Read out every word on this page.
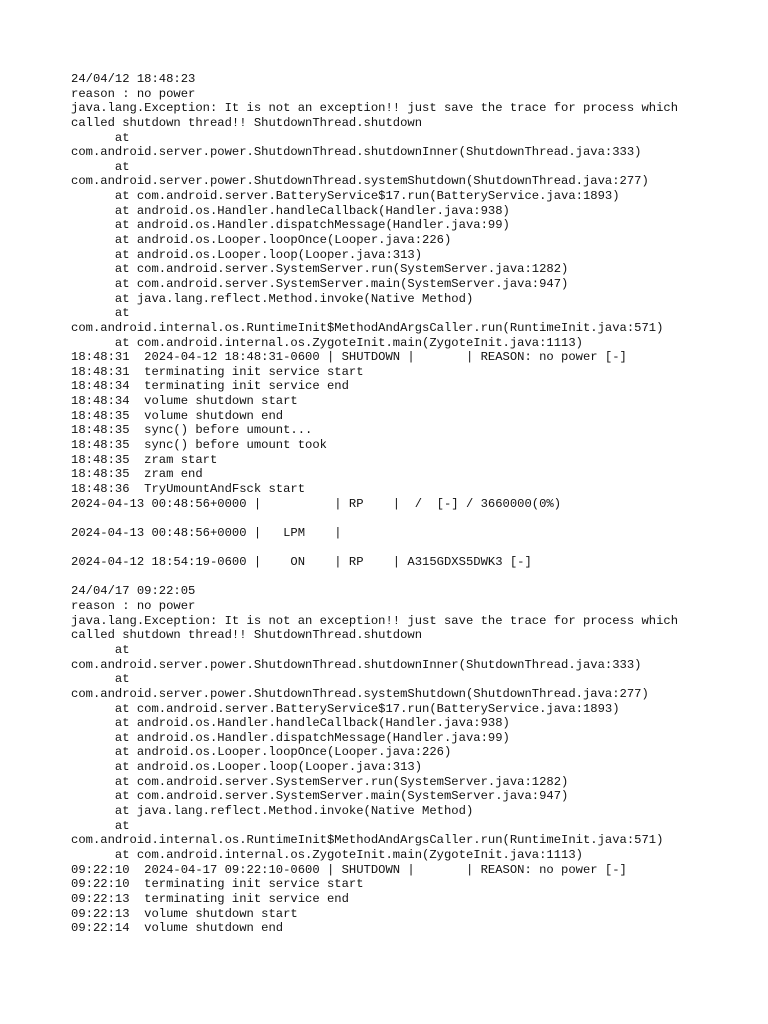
24/04/12 18:48:23
reason : no power
java.lang.Exception: It is not an exception!! just save the trace for process which
called shutdown thread!! ShutdownThread.shutdown
at
com.android.server.power.ShutdownThread.shutdownInner(ShutdownThread.java:333)
at
com.android.server.power.ShutdownThread.systemShutdown(ShutdownThread.java:277)
at com.android.server.BatteryService$17.run(BatteryService.java:1893)
at android.os.Handler.handleCallback(Handler.java:938)
at android.os.Handler.dispatchMessage(Handler.java:99)
at android.os.Looper.loopOnce(Looper.java:226)
at android.os.Looper.loop(Looper.java:313)
at com.android.server.SystemServer.run(SystemServer.java:1282)
at com.android.server.SystemServer.main(SystemServer.java:947)
at java.lang.reflect.Method.invoke(Native Method)
at
com.android.internal.os.RuntimeInit$MethodAndArgsCaller.run(RuntimeInit.java:571)
at com.android.internal.os.ZygoteInit.main(ZygoteInit.java:1113)
18:48:31  2024-04-12 18:48:31-0600 | SHUTDOWN |       | REASON: no power [-]
18:48:31  terminating init service start
18:48:34  terminating init service end
18:48:34  volume shutdown start
18:48:35  volume shutdown end
18:48:35  sync() before umount...
18:48:35  sync() before umount took
18:48:35  zram start
18:48:35  zram end
18:48:36  TryUmountAndFsck start
2024-04-13 00:48:56+0000 |          | RP    |  /  [-] / 3660000(0%)
2024-04-13 00:48:56+0000 |   LPM    |
2024-04-12 18:54:19-0600 |    ON    | RP    | A315GDXS5DWK3 [-]
24/04/17 09:22:05
reason : no power
java.lang.Exception: It is not an exception!! just save the trace for process which
called shutdown thread!! ShutdownThread.shutdown
at
com.android.server.power.ShutdownThread.shutdownInner(ShutdownThread.java:333)
at
com.android.server.power.ShutdownThread.systemShutdown(ShutdownThread.java:277)
at com.android.server.BatteryService$17.run(BatteryService.java:1893)
at android.os.Handler.handleCallback(Handler.java:938)
at android.os.Handler.dispatchMessage(Handler.java:99)
at android.os.Looper.loopOnce(Looper.java:226)
at android.os.Looper.loop(Looper.java:313)
at com.android.server.SystemServer.run(SystemServer.java:1282)
at com.android.server.SystemServer.main(SystemServer.java:947)
at java.lang.reflect.Method.invoke(Native Method)
at
com.android.internal.os.RuntimeInit$MethodAndArgsCaller.run(RuntimeInit.java:571)
at com.android.internal.os.ZygoteInit.main(ZygoteInit.java:1113)
09:22:10  2024-04-17 09:22:10-0600 | SHUTDOWN |       | REASON: no power [-]
09:22:10  terminating init service start
09:22:13  terminating init service end
09:22:13  volume shutdown start
09:22:14  volume shutdown end
